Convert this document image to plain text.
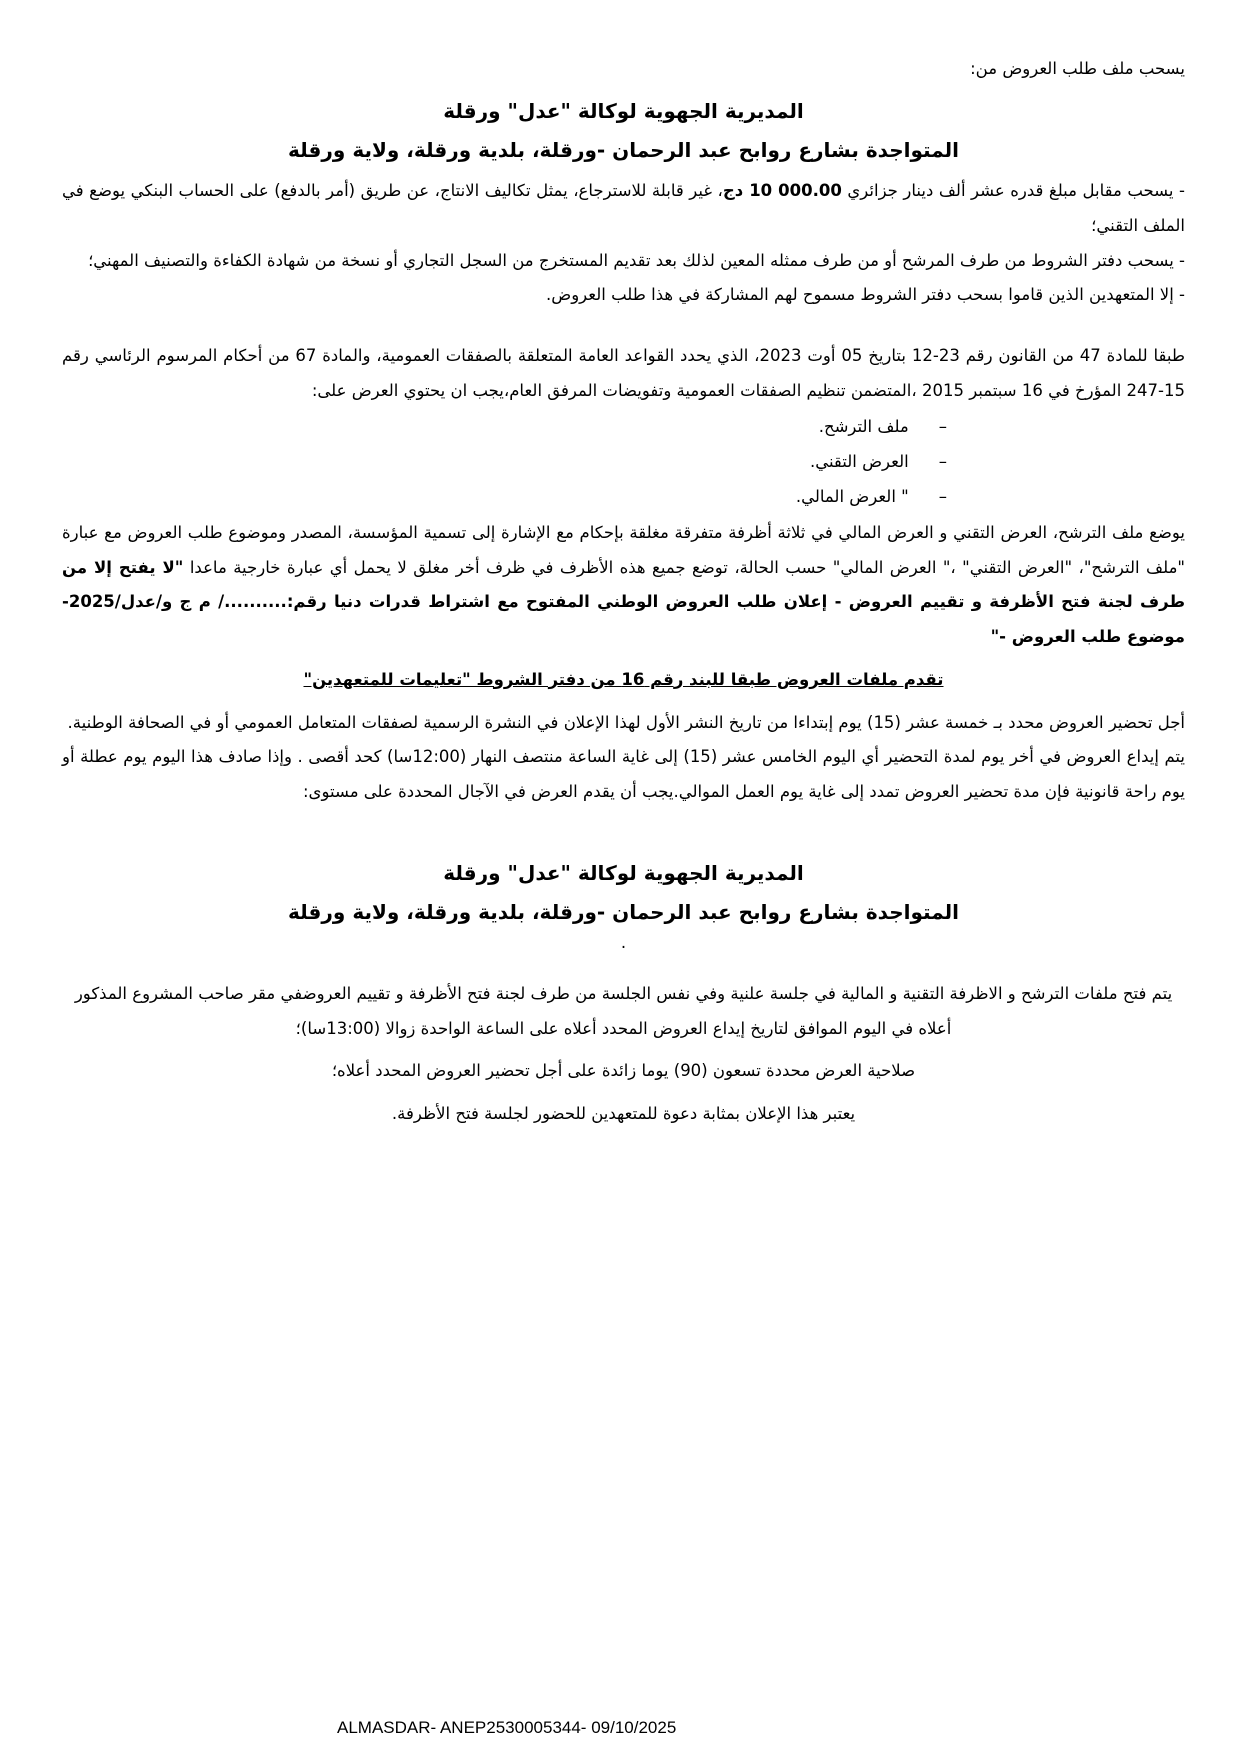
يسحب ملف طلب العروض من:

المديرية الجهوية لوكالة "عدل" ورقلة
المتواجدة بشارع روابح عبد الرحمان -ورقلة، بلدية ورقلة، ولاية ورقلة

- يسحب مقابل مبلغ قدره عشر ألف دينار جزائري 10 000.00 دج، غير قابلة للاسترجاع، يمثل تكاليف الانتاج، عن طريق (أمر بالدفع) على الحساب البنكي يوضع في الملف التقني؛

- يسحب دفتر الشروط من طرف المرشح أو من طرف ممثله المعين لذلك بعد تقديم المستخرج من السجل التجاري أو نسخة من شهادة الكفاءة والتصنيف المهني؛

- إلا المتعهدين الذين قاموا بسحب دفتر الشروط مسموح لهم المشاركة في هذا طلب العروض.

طبقا للمادة 47 من القانون رقم 23-12 بتاريخ 05 أوت 2023، الذي يحدد القواعد العامة المتعلقة بالصفقات العمومية، والمادة 67 من أحكام المرسوم الرئاسي رقم 15-247 المؤرخ في 16 سبتمبر 2015 ،المتضمن تنظيم الصفقات العمومية وتفويضات المرفق العام،يجب ان يحتوي العرض على:

–
ملف الترشح.
–
العرض التقني.
–
" العرض المالي.

يوضع ملف الترشح، العرض التقني و العرض المالي في ثلاثة أظرفة متفرقة مغلقة بإحكام مع الإشارة إلى تسمية المؤسسة، المصدر وموضوع طلب العروض مع عبارة "ملف الترشح"، "العرض التقني" ،" العرض المالي" حسب الحالة، توضع جميع هذه الأظرف في ظرف أخر مغلق لا يحمل أي عبارة خارجية ماعدا "لا يفتح إلا من طرف لجنة فتح الأظرفة و تقييم العروض - إعلان طلب العروض الوطني المفتوح مع اشتراط قدرات دنيا رقم:........../ م ج و/عدل/2025- موضوع طلب العروض -"

تقدم ملفات العروض طبقا للبند رقم 16 من دفتر الشروط "تعليمات للمتعهدين"

أجل تحضير العروض محدد بـ خمسة عشر (15) يوم إبتداءا من تاريخ النشر الأول لهذا الإعلان في النشرة الرسمية لصفقات المتعامل العمومي أو في الصحافة الوطنية.

يتم إيداع العروض في أخر يوم لمدة التحضير أي اليوم الخامس عشر (15) إلى غاية الساعة منتصف النهار (12:00سا) كحد أقصى . وإذا صادف هذا اليوم يوم عطلة أو يوم راحة قانونية فإن مدة تحضير العروض تمدد إلى غاية يوم العمل الموالي.يجب أن يقدم العرض في الآجال المحددة على مستوى:

المديرية الجهوية لوكالة "عدل" ورقلة
المتواجدة بشارع روابح عبد الرحمان -ورقلة، بلدية ورقلة، ولاية ورقلة
.

يتم فتح ملفات الترشح و الاظرفة التقنية و المالية في جلسة علنية وفي نفس الجلسة من طرف لجنة فتح الأظرفة و تقييم العروضفي مقر صاحب المشروع المذكور أعلاه في اليوم الموافق لتاريخ إيداع العروض المحدد أعلاه على الساعة الواحدة زوالا (13:00سا)؛

صلاحية العرض محددة تسعون (90) يوما زائدة على أجل تحضير العروض المحدد أعلاه؛

يعتبر هذا الإعلان بمثابة دعوة للمتعهدين للحضور لجلسة فتح الأظرفة.

ALMASDAR- ANEP2530005344- 09/10/2025
